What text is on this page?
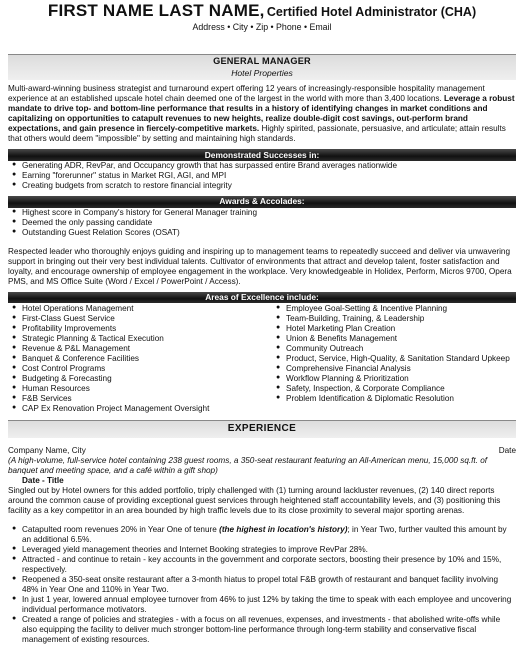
FIRST NAME LAST NAME, Certified Hotel Administrator (CHA)
Address • City • Zip • Phone • Email
GENERAL MANAGER
Hotel Properties

Multi-award-winning business strategist and turnaround expert offering 12 years of increasingly-responsible hospitality management experience at an established upscale hotel chain deemed one of the largest in the world with more than 3,400 locations. Leverage a robust mandate to drive top- and bottom-line performance that results in a history of identifying changes in market conditions and capitalizing on opportunities to catapult revenues to new heights, realize double-digit cost savings, out-perform brand expectations, and gain presence in fiercely-competitive markets. Highly spirited, passionate, persuasive, and articulate; attain results that others would deem "impossible" by setting and maintaining high standards.

Demonstrated Successes in:
● Generating ADR, RevPar, and Occupancy growth that has surpassed entire Brand averages nationwide
● Earning "forerunner" status in Market RGI, AGI, and MPI
● Creating budgets from scratch to restore financial integrity
Awards & Accolades:
● Highest score in Company's history for General Manager training
● Deemed the only passing candidate
● Outstanding Guest Relation Scores (OSAT)

Respected leader who thoroughly enjoys guiding and inspiring up to management teams to repeatedly succeed and deliver via unwavering support in bringing out their very best individual talents. Cultivator of environments that attract and develop talent, foster satisfaction and loyalty, and encourage ownership of employee engagement in the workplace. Very knowledgeable in Holidex, Perform, Micros 9700, Opera PMS, and MS Office Suite (Word / Excel / PowerPoint / Access).

Areas of Excellence include:
● Hotel Operations Management
● First-Class Guest Service
● Profitability Improvements
● Strategic Planning & Tactical Execution
● Revenue & P&L Management
● Banquet & Conference Facilities
● Cost Control Programs
● Budgeting & Forecasting
● Human Resources
● F&B Services
● CAP Ex Renovation Project Management Oversight
● Employee Goal-Setting & Incentive Planning
● Team-Building, Training, & Leadership
● Hotel Marketing Plan Creation
● Union & Benefits Management
● Community Outreach
● Product, Service, High-Quality, & Sanitation Standard Upkeep
● Comprehensive Financial Analysis
● Workflow Planning & Prioritization
● Safety, Inspection, & Corporate Compliance
● Problem Identification & Diplomatic Resolution
EXPERIENCE
Company Name, City	Date

(A high-volume, full-service hotel containing 238 guest rooms, a 350-seat restaurant featuring an All-American menu, 15,000 sq.ft. of banquet and meeting space, and a café within a gift shop)

Date - Title

Singled out by Hotel owners for this added portfolio, triply challenged with (1) turning around lackluster revenues, (2) 140 direct reports around the common cause of providing exceptional guest services through heightened staff accountability levels, and (3) positioning this facility as a key competitor in an area bounded by high traffic levels due to its close proximity to several major sporting arenas.

● Catapulted room revenues 20% in Year One of tenure (the highest in location's history); in Year Two, further vaulted this amount by an additional 6.5%.
● Leveraged yield management theories and Internet Booking strategies to improve RevPar 28%.
● Attracted - and continue to retain - key accounts in the government and corporate sectors, boosting their presence by 10% and 15%, respectively.
● Reopened a 350-seat onsite restaurant after a 3-month hiatus to propel total F&B growth of restaurant and banquet facility involving 48% in Year One and 110% in Year Two.
● In just 1 year, lowered annual employee turnover from 46% to just 12% by taking the time to speak with each employee and uncovering individual performance motivators.
● Created a range of policies and strategies - with a focus on all revenues, expenses, and investments - that abolished write-offs while also equipping the facility to deliver much stronger bottom-line performance through long-term stability and conservative fiscal management of existing resources.
